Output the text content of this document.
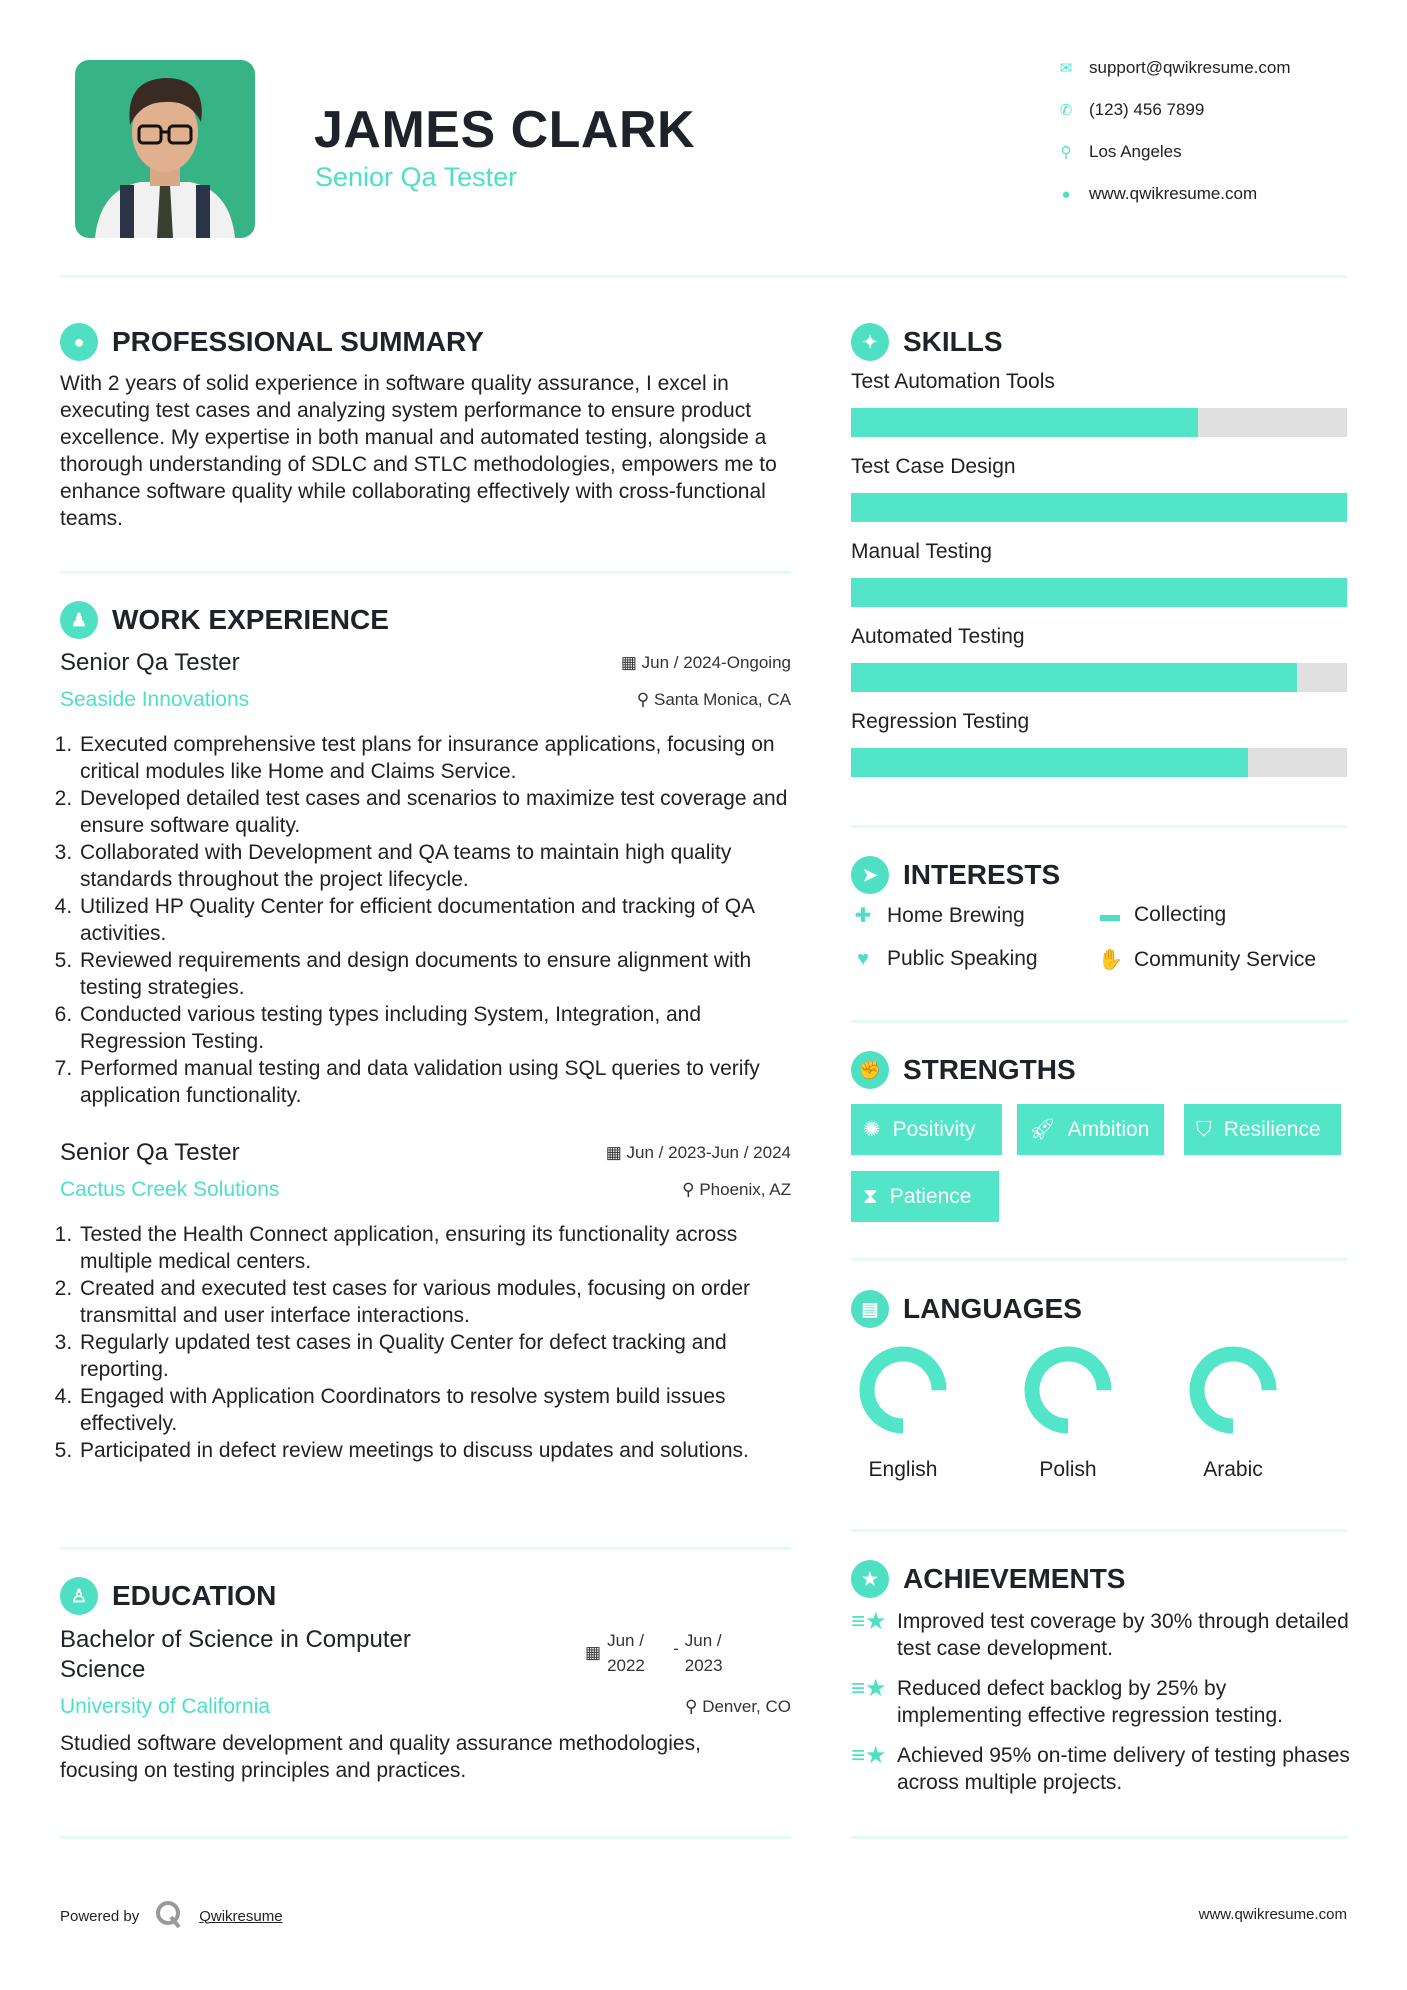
JAMES CLARK
Senior Qa Tester
✉ support@qwikresume.com
✆ (123) 456 7899
⚲ Los Angeles
●	www.qwikresume.com
● PROFESSIONAL SUMMARY
With 2 years of solid experience in software quality assurance, I excel in executing test cases and analyzing system performance to ensure product excellence. My expertise in both manual and automated testing, alongside a thorough understanding of SDLC and STLC methodologies, empowers me to enhance software quality while collaborating effectively with cross-functional teams.
♟ WORK EXPERIENCE
Senior Qa Tester	▦ Jun / 2024-Ongoing
Seaside Innovations	⚲ Santa Monica, CA
1. Executed comprehensive test plans for insurance applications, focusing on critical modules like Home and Claims Service.
2. Developed detailed test cases and scenarios to maximize test coverage and ensure software quality.
3. Collaborated with Development and QA teams to maintain high quality standards throughout the project lifecycle.
4. Utilized HP Quality Center for efficient documentation and tracking of QA activities.
5. Reviewed requirements and design documents to ensure alignment with testing strategies.
6. Conducted various testing types including System, Integration, and Regression Testing.
7. Performed manual testing and data validation using SQL queries to verify application functionality.
Senior Qa Tester	▦ Jun / 2023-Jun / 2024
Cactus Creek Solutions	⚲ Phoenix, AZ
1. Tested the Health Connect application, ensuring its functionality across multiple medical centers.
2. Created and executed test cases for various modules, focusing on order transmittal and user interface interactions.
3. Regularly updated test cases in Quality Center for defect tracking and reporting.
4. Engaged with Application Coordinators to resolve system build issues effectively.
5. Participated in defect review meetings to discuss updates and solutions.
♙ EDUCATION
Bachelor of Science in Computer Science
▦
Jun / 2022
- Jun / 2023
University of California	⚲ Denver, CO
Studied software development and quality assurance methodologies, focusing on testing principles and practices.
✦ SKILLS
Test Automation Tools
Test Case Design
Manual Testing
Automated Testing
Regression Testing
➤ INTERESTS
✚ Home Brewing	▬ Collecting
♥ Public Speaking	✋ Community Service
✊ STRENGTHS
✺ Positivity	🚀︎ Ambition ⛉ Resilience
⧗ Patience
▤ LANGUAGES
English	Polish	Arabic
★ ACHIEVEMENTS
≡★ Improved test coverage by 30% through detailed test case development.
≡★ Reduced defect backlog by 25% by implementing effective regression testing.
≡★ Achieved 95% on-time delivery of testing phases across multiple projects.
Powered by	Qwikresume	www.qwikresume.com
